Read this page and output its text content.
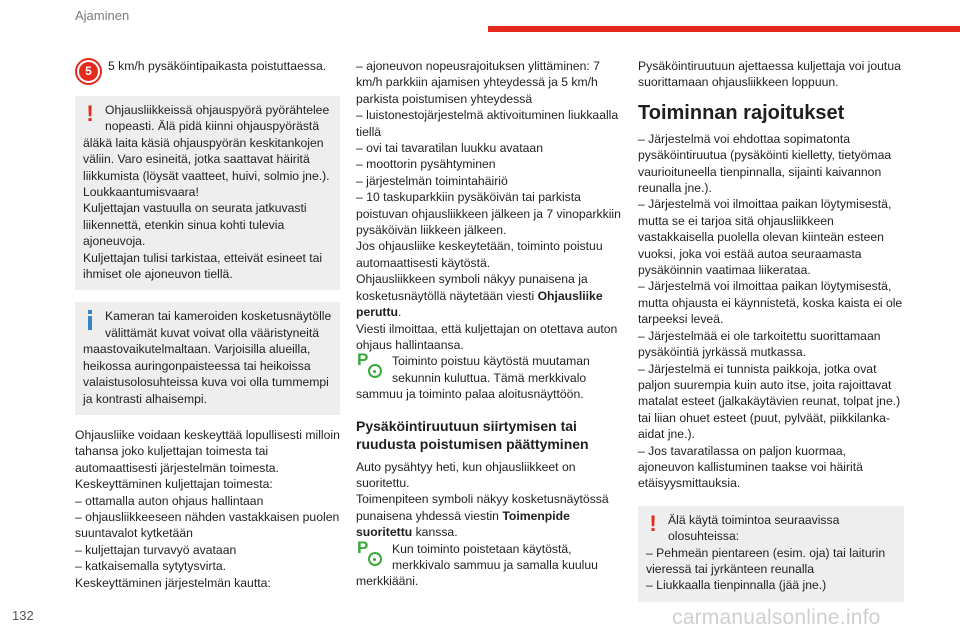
Ajaminen
5	5 km/h pysäköintipaikasta poistuttaessa.

! Ohjausliikkeissä ohjauspyörä pyörähtelee nopeasti. Älä pidä kiinni ohjauspyörästä äläkä laita käsiä ohjauspyörän keskitankojen väliin. Varo esineitä, jotka saattavat häiritä liikkumista (löysät vaatteet, huivi, solmio jne.). Loukkaantumisvaara!

Kuljettajan vastuulla on seurata jatkuvasti liikennettä, etenkin sinua kohti tulevia ajoneuvoja.

Kuljettajan tulisi tarkistaa, etteivät esineet tai ihmiset ole ajoneuvon tiellä.

Kameran tai kameroiden kosketusnäytölle välittämät kuvat voivat olla vääristyneitä maastovaikutelmaltaan. Varjoisilla alueilla, heikossa auringonpaisteessa tai heikoissa valaistusolosuhteissa kuva voi olla tummempi ja kontrasti alhaisempi.

Ohjausliike voidaan keskeyttää lopullisesti milloin tahansa joko kuljettajan toimesta tai automaattisesti järjestelmän toimesta.

Keskeyttäminen kuljettajan toimesta:

– ottamalla auton ohjaus hallintaan

– ohjausliikkeeseen nähden vastakkaisen puolen suuntavalot kytketään

– kuljettajan turvavyö avataan

– katkaisemalla sytytysvirta.

Keskeyttäminen järjestelmän kautta:

– ajoneuvon nopeusrajoituksen ylittäminen: 7 km/h parkkiin ajamisen yhteydessä ja 5 km/h parkista poistumisen yhteydessä

– luistonestojärjestelmä aktivoituminen liukkaalla tiellä

– ovi tai tavaratilan luukku avataan

– moottorin pysähtyminen

– järjestelmän toimintahäiriö

– 10 taskuparkkiin pysäköivän tai parkista poistuvan ohjausliikkeen jälkeen ja 7 vinoparkkiin pysäköivän liikkeen jälkeen.

Jos ohjausliike keskeytetään, toiminto poistuu automaattisesti käytöstä.

Ohjausliikkeen symboli näkyy punaisena ja kosketusnäytöllä näytetään viesti Ohjausliike peruttu.

Viesti ilmoittaa, että kuljettajan on otettava auton ohjaus hallintaansa.

P	Toiminto poistuu käytöstä muutaman sekunnin kuluttua. Tämä merkkivalo sammuu ja toiminto palaa aloitusnäyttöön.

Pysäköintiruutuun siirtymisen tai ruudusta poistumisen päättyminen

Auto pysähtyy heti, kun ohjausliikkeet on suoritettu.

Toimenpiteen symboli näkyy kosketusnäytössä punaisena yhdessä viestin Toimenpide suoritettu kanssa.

P	Kun toiminto poistetaan käytöstä, merkkivalo sammuu ja samalla kuuluu merkkiääni.

Pysäköintiruutuun ajettaessa kuljettaja voi joutua suorittamaan ohjausliikkeen loppuun.

Toiminnan rajoitukset

– Järjestelmä voi ehdottaa sopimatonta pysäköintiruutua (pysäköinti kielletty, tietyömaa vaurioituneella tienpinnalla, sijainti kaivannon reunalla jne.).

– Järjestelmä voi ilmoittaa paikan löytymisestä, mutta se ei tarjoa sitä ohjausliikkeen vastakkaisella puolella olevan kiinteän esteen vuoksi, joka voi estää autoa seuraamasta pysäköinnin vaatimaa liikerataa.

– Järjestelmä voi ilmoittaa paikan löytymisestä, mutta ohjausta ei käynnistetä, koska kaista ei ole tarpeeksi leveä.

– Järjestelmää ei ole tarkoitettu suorittamaan pysäköintiä jyrkässä mutkassa.

– Järjestelmä ei tunnista paikkoja, jotka ovat paljon suurempia kuin auto itse, joita rajoittavat matalat esteet (jalkakäytävien reunat, tolpat jne.) tai liian ohuet esteet (puut, pylväät, piikkilanka-aidat jne.).

– Jos tavaratilassa on paljon kuormaa, ajoneuvon kallistuminen taakse voi häiritä etäisyysmittauksia.

! Älä käytä toimintoa seuraavissa olosuhteissa:

– Pehmeän pientareen (esim. oja) tai laiturin vieressä tai jyrkänteen reunalla

– Liukkaalla tienpinnalla (jää jne.)

132	carmanualsonline.info
